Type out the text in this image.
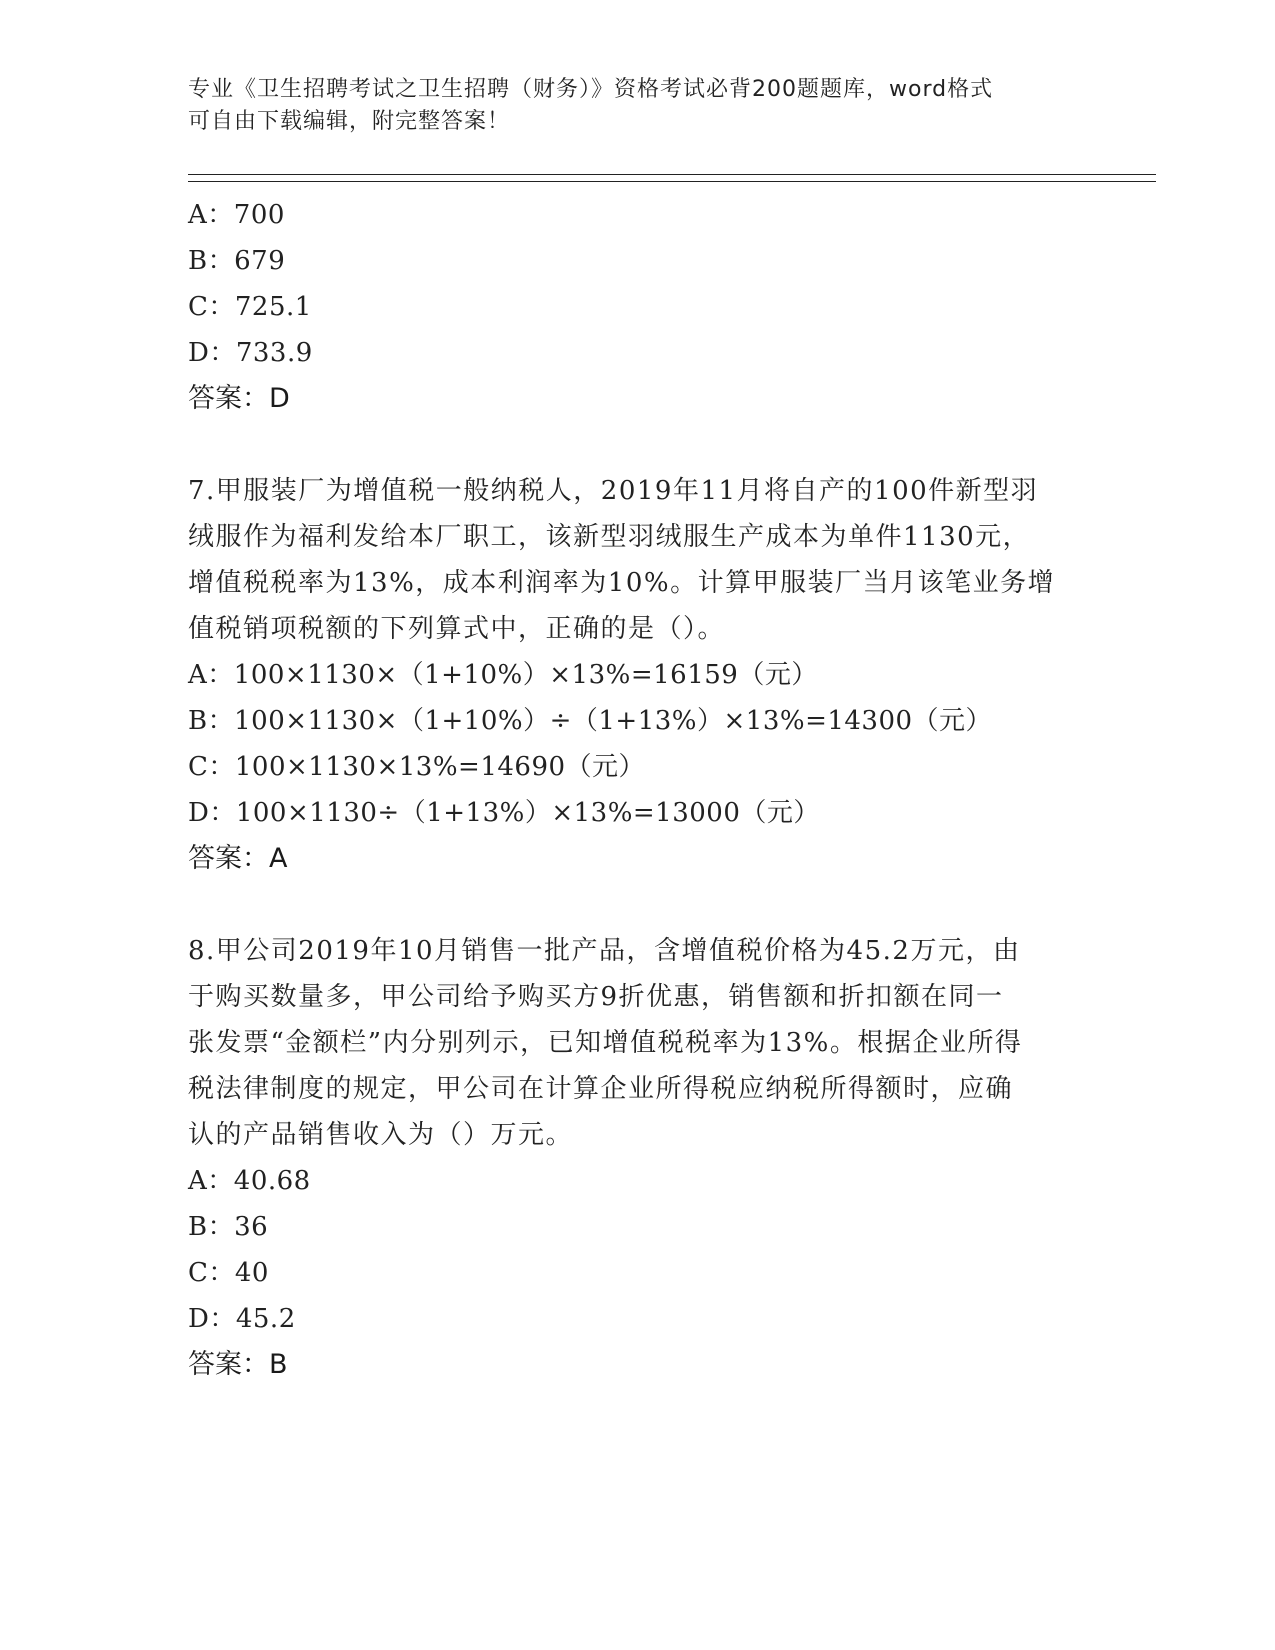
专业《卫生招聘考试之卫生招聘（财务）》资格考试必背200题题库，word格式
可自由下载编辑，附完整答案！
A：700
B：679
C：725.1
D：733.9
答案：D
7.甲服装厂为增值税一般纳税人，2019年11月将自产的100件新型羽
绒服作为福利发给本厂职工，该新型羽绒服生产成本为单件1130元，
增值税税率为13%，成本利润率为10%。计算甲服装厂当月该笔业务增
值税销项税额的下列算式中，正确的是（）。
A：100×1130×（1+10%）×13%=16159（元）
B：100×1130×（1+10%）÷（1+13%）×13%=14300（元）
C：100×1130×13%=14690（元）
D：100×1130÷（1+13%）×13%=13000（元）
答案：A
8.甲公司2019年10月销售一批产品，含增值税价格为45.2万元，由
于购买数量多，甲公司给予购买方9折优惠，销售额和折扣额在同一
张发票“金额栏”内分别列示，已知增值税税率为13%。根据企业所得
税法律制度的规定，甲公司在计算企业所得税应纳税所得额时，应确
认的产品销售收入为（）万元。
A：40.68
B：36
C：40
D：45.2
答案：B
